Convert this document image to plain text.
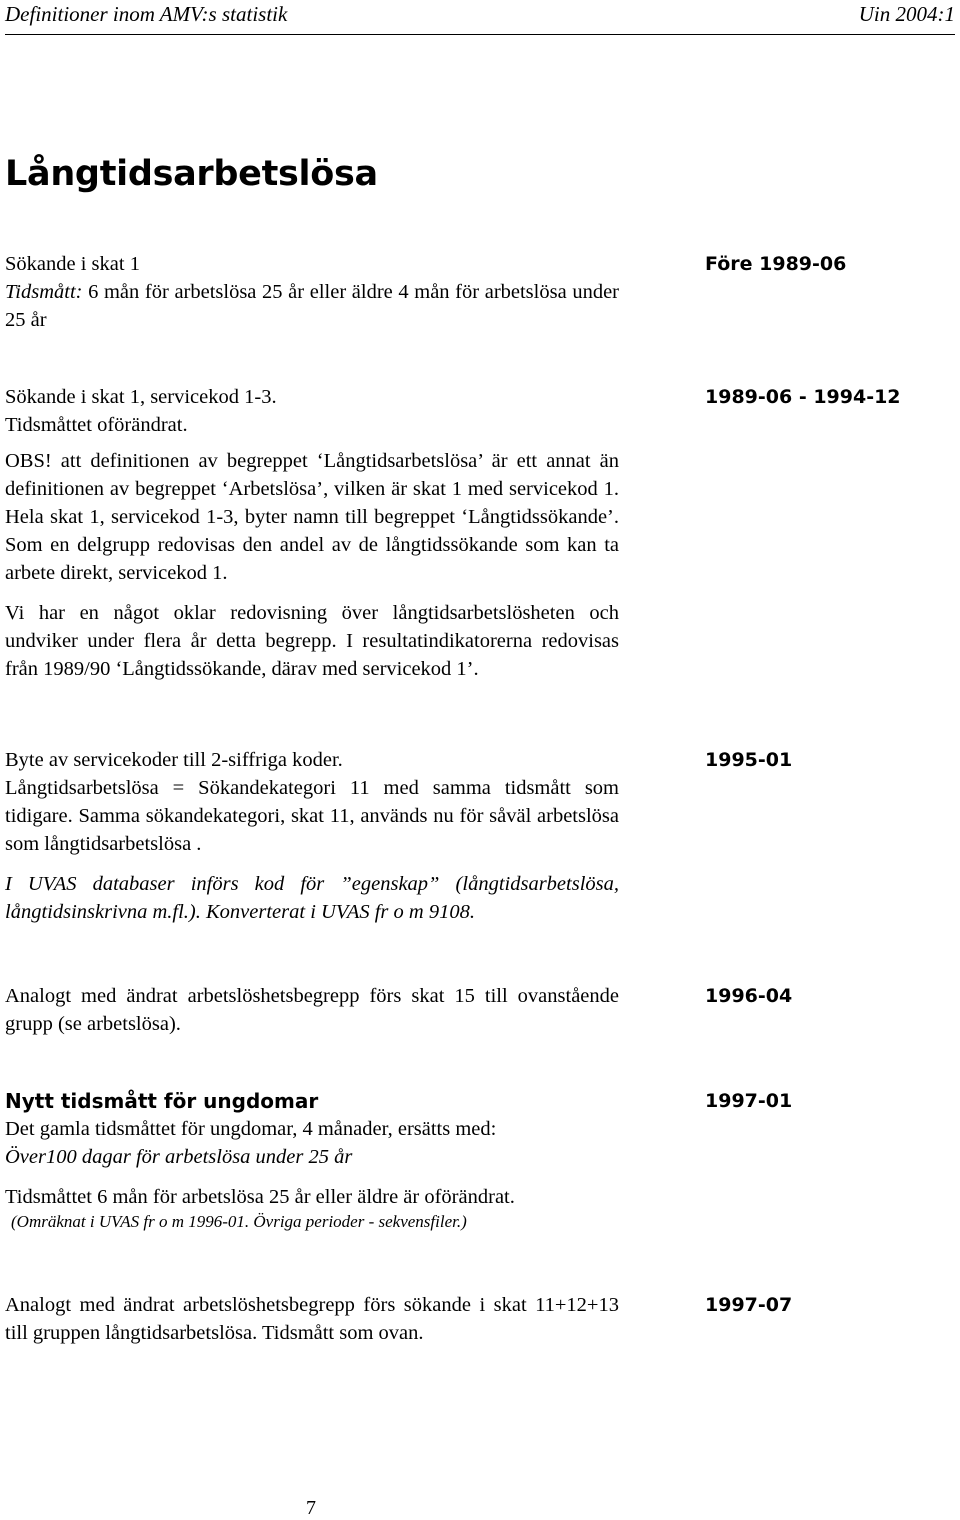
Definitioner inom AMV:s statistik	Uin 2004:1
Långtidsarbetslösa

Sökande i skat 1

Tidsmått: 6 mån för arbetslösa 25 år eller äldre 4 mån för arbetslösa under 25 år

Före 1989-06

Sökande i skat 1, servicekod 1-3.

Tidsmåttet oförändrat.

OBS! att definitionen av begreppet ‘Långtidsarbetslösa’ är ett annat än definitionen av begreppet ‘Arbetslösa’, vilken är skat 1 med servicekod 1. Hela skat 1, servicekod 1-3, byter namn till begreppet ‘Långtidssökande’. Som en delgrupp redovisas den andel av de långtidssökande som kan ta arbete direkt, servicekod 1.

Vi har en något oklar redovisning över långtidsarbetslösheten och undviker under flera år detta begrepp. I resultatindikatorerna redovisas från 1989/90 ‘Långtidssökande, därav med servicekod 1’.

1989-06 - 1994-12

Byte av servicekoder till 2-siffriga koder.

Långtidsarbetslösa = Sökandekategori 11 med samma tidsmått som tidigare. Samma sökandekategori, skat 11, används nu för såväl arbetslösa som långtidsarbetslösa .

I UVAS databaser införs kod för ”egenskap” (långtidsarbetslösa, långtidsinskrivna m.fl.). Konverterat i UVAS fr o m 9108.

1995-01

Analogt med ändrat arbetslöshetsbegrepp förs skat 15 till ovanstående grupp (se arbetslösa).

1996-04

Nytt tidsmått för ungdomar

Det gamla tidsmåttet för ungdomar, 4 månader, ersätts med:

Över100 dagar för arbetslösa under 25 år

Tidsmåttet 6 mån för arbetslösa 25 år eller äldre är oförändrat.

(Omräknat i UVAS fr o m 1996-01. Övriga perioder - sekvensfiler.)

1997-01

Analogt med ändrat arbetslöshetsbegrepp förs sökande i skat 11+12+13 till gruppen långtidsarbetslösa. Tidsmått som ovan.

1997-07
7
